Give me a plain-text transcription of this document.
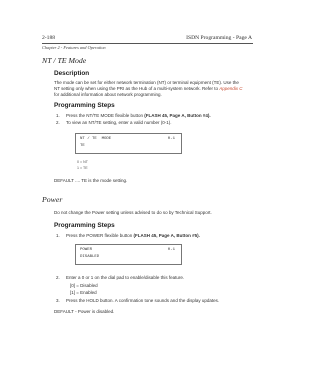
2-188	ISDN Programming - Page A
Chapter 2 - Features and Operation
NT / TE Mode
Description
The mode can be set for either network termination (NT) or terminal equipment (TE). Use the
NT setting only when using the PRI as the Hub of a multi-system network. Refer to Appendix C
for additional information about network programming.
Programming Steps
1. Press the NT/TE MODE flexible button (FLASH 45, Page A, Button #4).
2. To view an NT/TE setting, enter a valid number (0-1).
NT / TE  MODE	0-1
TE
0 = NT
1 = TE
DEFAULT .... TE is the mode setting.
Power
Do not change the Power setting unless advised to do so by Technical Support.
Programming Steps
1. Press the POWER flexible button (FLASH 45, Page A, Button #5).
POWER	0-1
DISABLED
2. Enter a 0 or 1 on the dial pad to enable/disable this feature.
[0] = Disabled
[1] = Enabled
3. Press the HOLD button. A confirmation tone sounds and the display updates.
DEFAULT - Power is disabled.
